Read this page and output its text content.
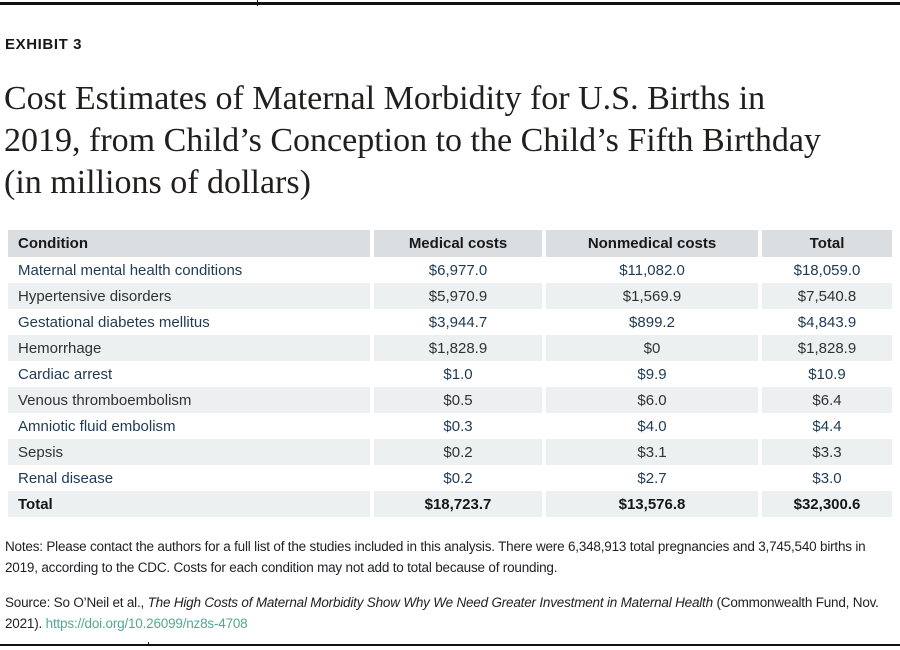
EXHIBIT 3
Cost Estimates of Maternal Morbidity for U.S. Births in
2019, from Child’s Conception to the Child’s Fifth Birthday
(in millions of dollars)
Condition	Medical costs	Nonmedical costs	Total
Maternal mental health conditions	$6,977.0	$11,082.0	$18,059.0
Hypertensive disorders	$5,970.9	$1,569.9	$7,540.8
Gestational diabetes mellitus	$3,944.7	$899.2	$4,843.9
Hemorrhage	$1,828.9	$0	$1,828.9
Cardiac arrest	$1.0	$9.9	$10.9
Venous thromboembolism	$0.5	$6.0	$6.4
Amniotic fluid embolism	$0.3	$4.0	$4.4
Sepsis	$0.2	$3.1	$3.3
Renal disease	$0.2	$2.7	$3.0
Total	$18,723.7	$13,576.8	$32,300.6
Notes: Please contact the authors for a full list of the studies included in this analysis. There were 6,348,913 total pregnancies and 3,745,540 births in 2019, according to the CDC. Costs for each condition may not add to total because of rounding.
Source: So O’Neil et al., The High Costs of Maternal Morbidity Show Why We Need Greater Investment in Maternal Health (Commonwealth Fund, Nov. 2021). https://doi.org/10.26099/nz8s-4708
